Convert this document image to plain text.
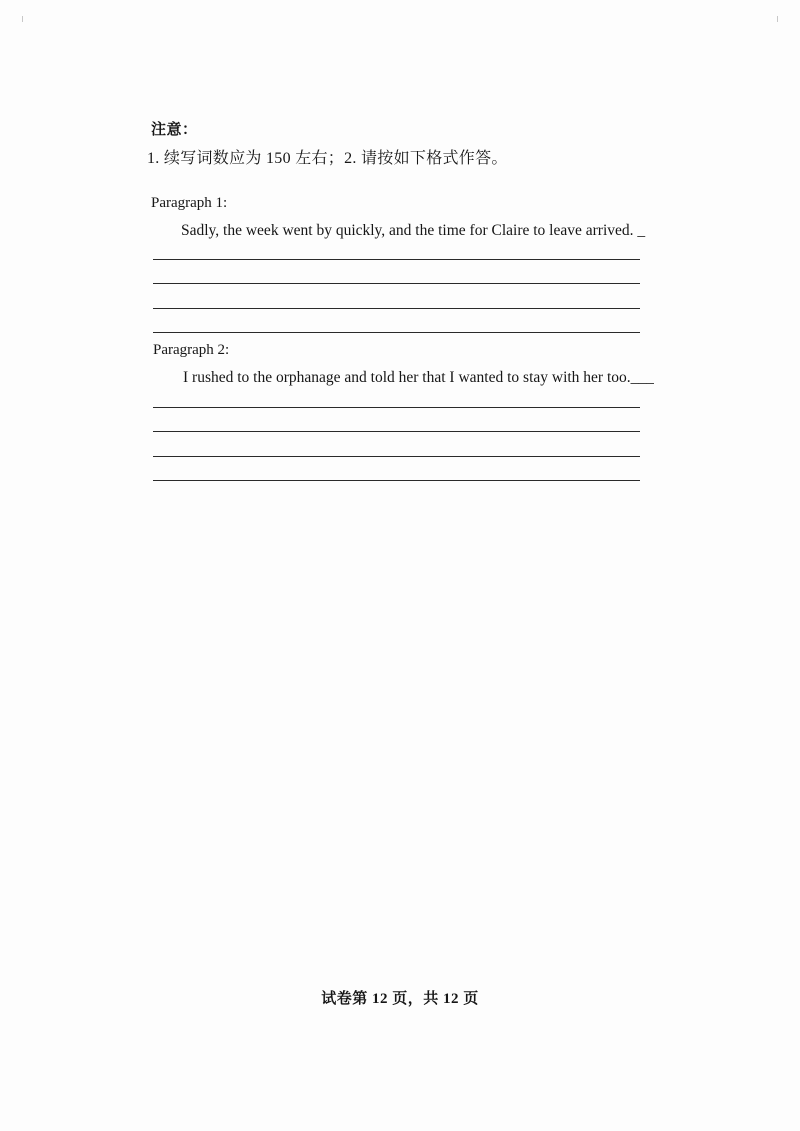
注意：
1. 续写词数应为 150 左右；2. 请按如下格式作答。
Paragraph 1:
Sadly, the week went by quickly, and the time for Claire to leave arrived. _
Paragraph 2:
I rushed to the orphanage and told her that I wanted to stay with her too.___
试卷第 12 页，共 12 页
